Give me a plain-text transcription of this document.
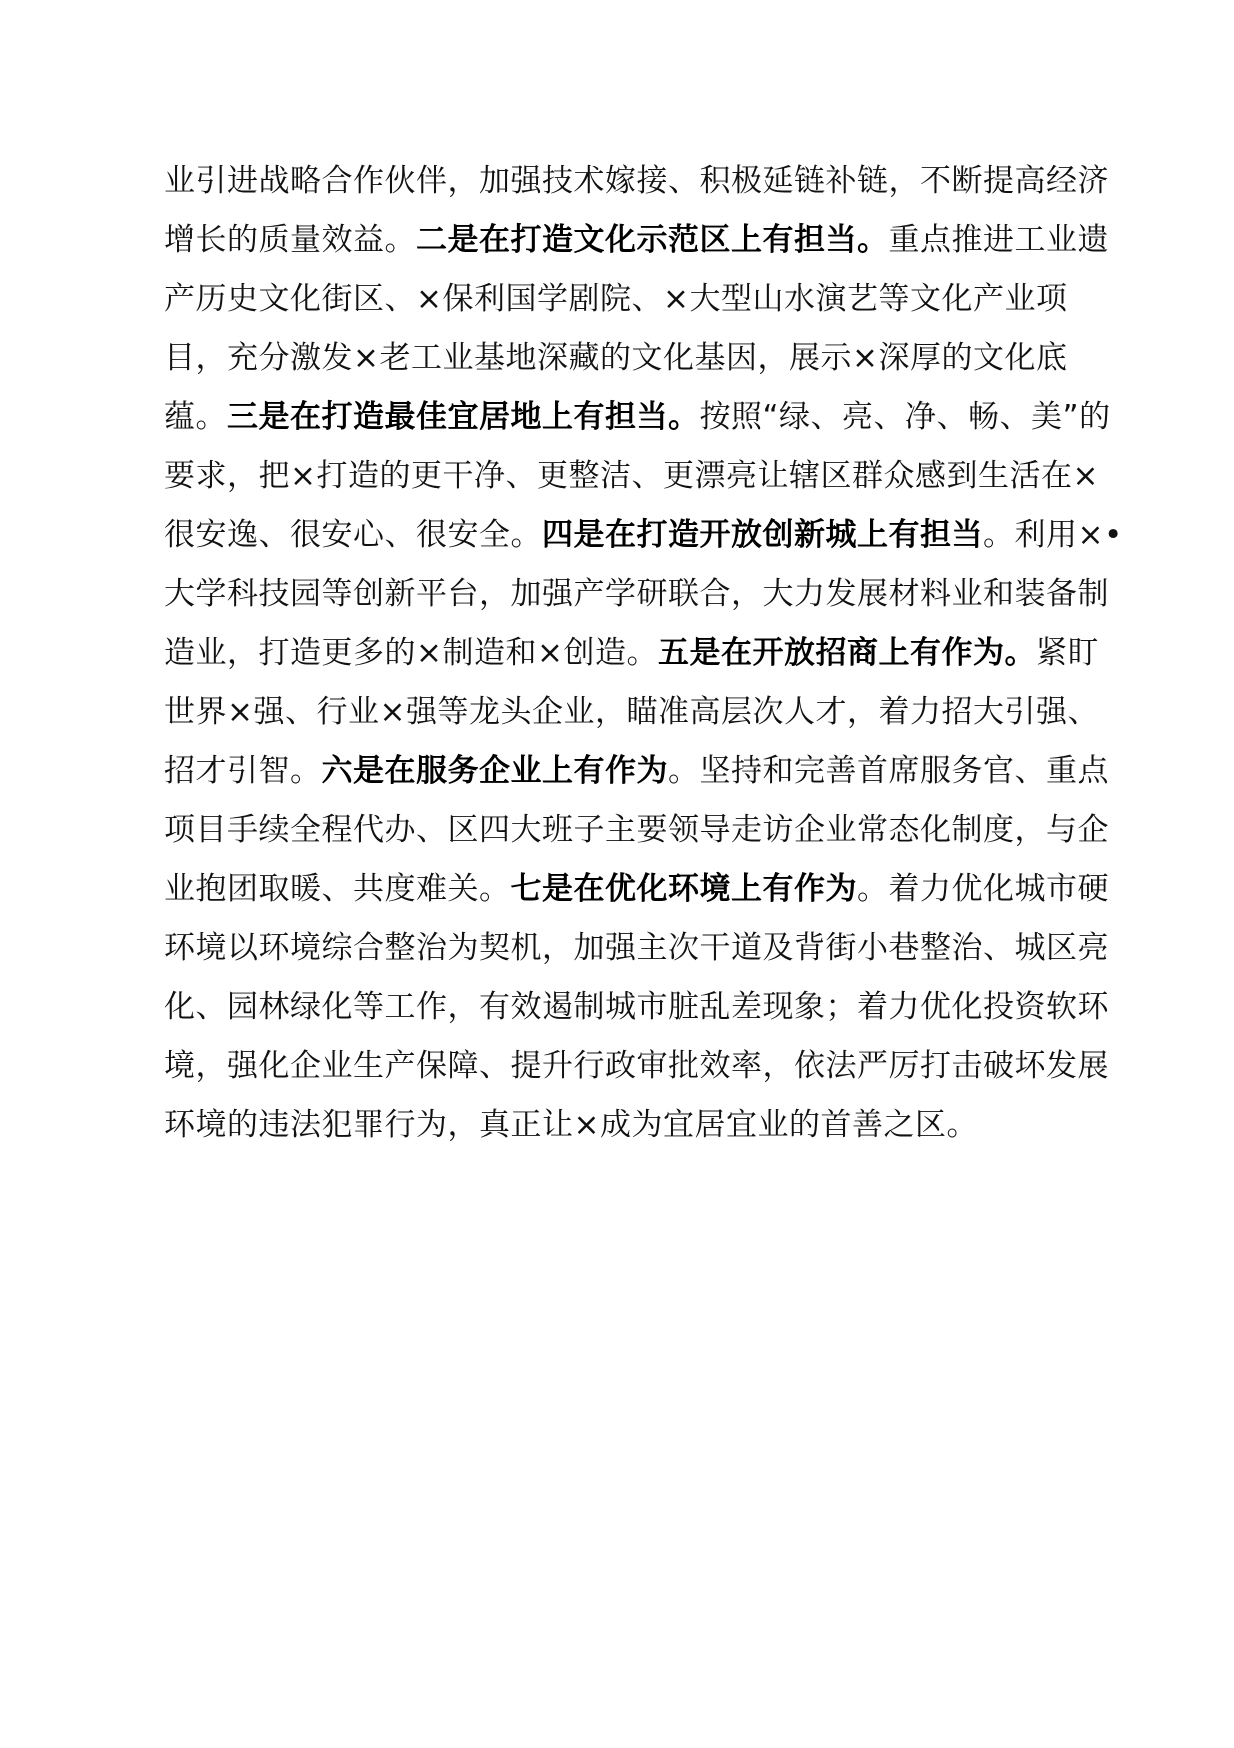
业引进战略合作伙伴，加强技术嫁接、积极延链补链，不断提高经济增长的质量效益。二是在打造文化示范区上有担当。重点推进工业遗产历史文化街区、×保利国学剧院、×大型山水演艺等文化产业项目，充分激发×老工业基地深藏的文化基因，展示×深厚的文化底蕴。三是在打造最佳宜居地上有担当。按照“绿、亮、净、畅、美”的要求，把×打造的更干净、更整洁、更漂亮让辖区群众感到生活在×很安逸、很安心、很安全。四是在打造开放创新城上有担当。利用×•大学科技园等创新平台，加强产学研联合，大力发展材料业和装备制造业，打造更多的×制造和×创造。五是在开放招商上有作为。紧盯世界×强、行业×强等龙头企业，瞄准高层次人才，着力招大引强、招才引智。六是在服务企业上有作为。坚持和完善首席服务官、重点项目手续全程代办、区四大班子主要领导走访企业常态化制度，与企业抱团取暖、共度难关。七是在优化环境上有作为。着力优化城市硬环境以环境综合整治为契机，加强主次干道及背街小巷整治、城区亮化、园林绿化等工作，有效遏制城市脏乱差现象；着力优化投资软环境，强化企业生产保障、提升行政审批效率，依法严厉打击破坏发展环境的违法犯罪行为，真正让×成为宜居宜业的首善之区。
